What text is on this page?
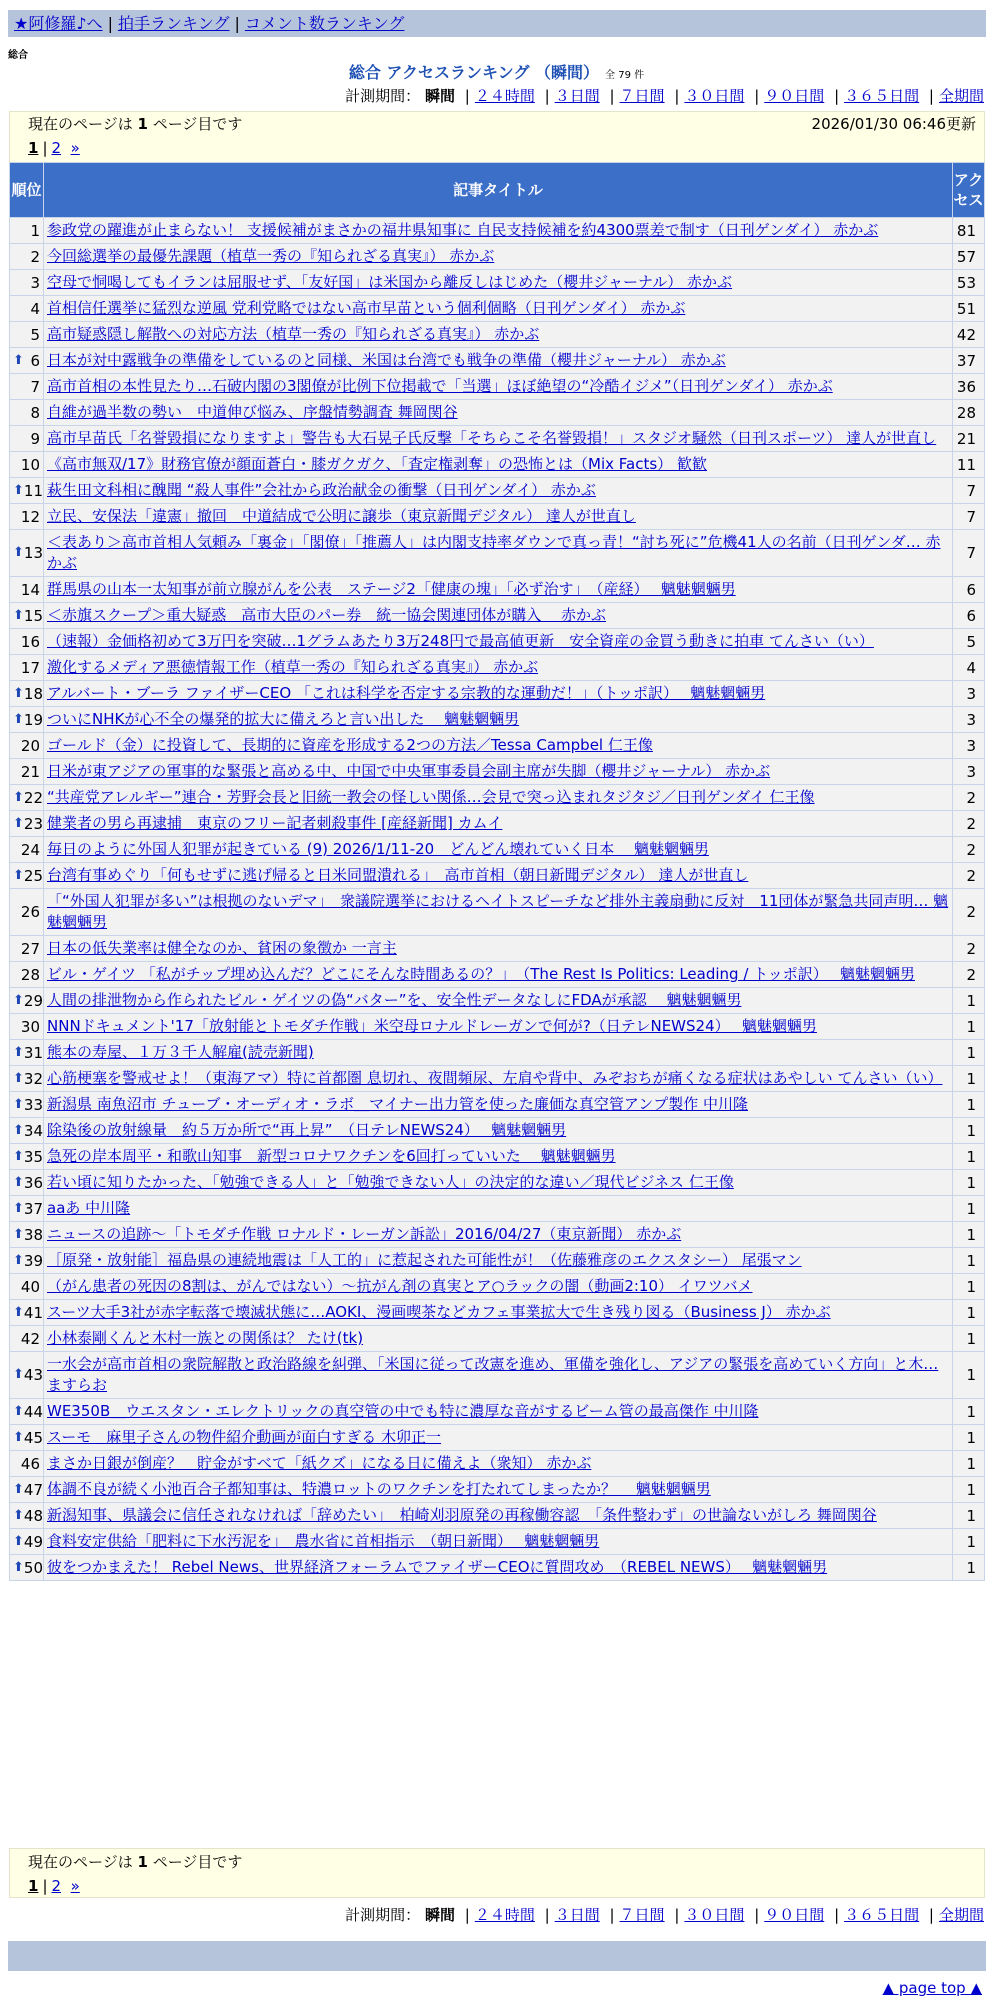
★阿修羅♪へ | 拍手ランキング | コメント数ランキング
総合
総合 アクセスランキング （瞬間） 全 79 件
計測期間： 瞬間 | ２４時間 | ３日間 | ７日間 | ３０日間 | ９０日間 | ３６５日間 | 全期間
現在のページは 1 ページ目です	2026/01/30 06:46更新
1 | 2 »
順位	記事タイトル	アクセス
1	参政党の躍進が止まらない！ 支援候補がまさかの福井県知事に 自民支持候補を約4300票差で制す（日刊ゲンダイ） 赤かぶ	81
2	今回総選挙の最優先課題（植草一秀の『知られざる真実』） 赤かぶ	57
3	空母で恫喝してもイランは屈服せず、「友好国」は米国から離反しはじめた（櫻井ジャーナル） 赤かぶ	53
4	首相信任選挙に猛烈な逆風 党利党略ではない高市早苗という個利個略（日刊ゲンダイ） 赤かぶ	51
5	高市疑惑隠し解散への対応方法（植草一秀の『知られざる真実』） 赤かぶ	42

⬆ 6	日本が対中露戦争の準備をしているのと同様、米国は台湾でも戦争の準備（櫻井ジャーナル） 赤かぶ	37
7	高市首相の本性見たり…石破内閣の3閣僚が比例下位掲載で「当選」ほぼ絶望の“冷酷イジメ”（日刊ゲンダイ） 赤かぶ	36
8	自維が過半数の勢い　中道伸び悩み、序盤情勢調査 舞岡関谷	28
9	高市早苗氏「名誉毀損になりますよ」警告も大石晃子氏反撃「そちらこそ名誉毀損！」スタジオ騒然（日刊スポーツ） 達人が世直し	21
10	《高市無双/17》財務官僚が顔面蒼白・膝ガクガク、「査定権剥奪」の恐怖とは（Mix Facts） 歓歓	11

⬆ 11	萩生田文科相に醜聞 “殺人事件”会社から政治献金の衝撃（日刊ゲンダイ） 赤かぶ	7
12	立民、安保法「違憲」撤回　中道結成で公明に譲歩（東京新聞デジタル） 達人が世直し	7

⬆ 13	＜表あり＞高市首相人気頼み「裏金」「閣僚」「推薦人」は内閣支持率ダウンで真っ青！“討ち死に”危機41人の名前（日刊ゲンダ… 赤かぶ	7
14	群馬県の山本一太知事が前立腺がんを公表　ステージ2「健康の塊」「必ず治す」　（産経）　 魑魅魍魎男	6

⬆ 15	＜赤旗スクープ＞重大疑惑　高市大臣のパー券　統一協会関連団体が購入　 赤かぶ	6
16	（速報）金価格初めて3万円を突破…1グラムあたり3万248円で最高値更新　安全資産の金買う動きに拍車 てんさい（い）	5
17	激化するメディア悪徳情報工作（植草一秀の『知られざる真実』） 赤かぶ	4

⬆ 18	アルバート・ブーラ ファイザーCEO 「これは科学を否定する宗教的な運動だ！」（トッポ訳）　 魑魅魍魎男	3

⬆ 19	ついにNHKが心不全の爆発的拡大に備えろと言い出した　 魑魅魍魎男	3
20	ゴールド（金）に投資して、長期的に資産を形成する2つの方法／Tessa Campbel 仁王像	3
21	日米が東アジアの軍事的な緊張と高める中、中国で中央軍事委員会副主席が失脚（櫻井ジャーナル） 赤かぶ	3

⬆ 22	“共産党アレルギー”連合・芳野会長と旧統一教会の怪しい関係…会見で突っ込まれタジタジ／日刊ゲンダイ 仁王像	2

⬆ 23	健業者の男ら再逮捕　東京のフリー記者刺殺事件 [産経新聞] カムイ	2
24	毎日のように外国人犯罪が起きている (9) 2026/1/11-20　どんどん壊れていく日本　 魑魅魍魎男	2

⬆ 25	台湾有事めぐり「何もせずに逃げ帰ると日米同盟潰れる」　高市首相（朝日新聞デジタル） 達人が世直し	2
26	「“外国人犯罪が多い”は根拠のないデマ」　衆議院選挙におけるヘイトスピーチなど排外主義扇動に反対　11団体が緊急共同声明… 魑魅魍魎男	2
27	日本の低失業率は健全なのか、貧困の象徴か 一言主	2
28	ビル・ゲイツ 「私がチップ埋め込んだ？どこにそんな時間あるの？」　（The Rest Is Politics: Leading / トッポ訳）　 魑魅魍魎男	2

⬆ 29	人間の排泄物から作られたビル・ゲイツの偽“バター”を、安全性データなしにFDAが承認　 魑魅魍魎男	1
30	NNNドキュメント'17「放射能とトモダチ作戦」米空母ロナルドレーガンで何が?（日テレNEWS24）　 魑魅魍魎男	1

⬆ 31	熊本の寿屋、１万３千人解雇(読売新聞)	1

⬆ 32	心筋梗塞を警戒せよ！（東海アマ）特に首都圏 息切れ、夜間頻尿、左肩や背中、みぞおちが痛くなる症状はあやしい てんさい（い）	1

⬆ 33	新潟県 南魚沼市 チューブ・オーディオ・ラボ＿マイナー出力管を使った廉価な真空管アンプ製作 中川隆	1

⬆ 34	除染後の放射線量　約５万か所で“再上昇”　（日テレNEWS24）　 魑魅魍魎男	1

⬆ 35	急死の岸本周平・和歌山知事　新型コロナワクチンを6回打っていいた　 魑魅魍魎男	1

⬆ 36	若い頃に知りたかった、「勉強できる人」と「勉強できない人」の決定的な違い／現代ビジネス 仁王像	1

⬆ 37	aaあ 中川隆	1

⬆ 38	ニュースの追跡～「トモダチ作戦 ロナルド・レーガン訴訟」2016/04/27（東京新聞） 赤かぶ	1

⬆ 39	［原発・放射能］福島県の連続地震は「人工的」に惹起された可能性が！（佐藤雅彦のエクスタシー） 尾張マン	1
40	（がん患者の死因の8割は、がんではない）～抗がん剤の真実とア○ラックの闇（動画2:10） イワツバメ	1

⬆ 41	スーツ大手3社が赤字転落で壊滅状態に…AOKI、漫画喫茶などカフェ事業拡大で生き残り図る（Business J） 赤かぶ	1
42	小林泰剛くんと木村一族との関係は？ たけ(tk)	1

⬆ 43	一水会が高市首相の衆院解散と政治路線を糾弾、「米国に従って改憲を進め、軍備を強化し、アジアの緊張を高めていく方向」と木… ますらお	1

⬆ 44	WE350B＿ウエスタン・エレクトリックの真空管の中でも特に濃厚な音がするビーム管の最高傑作 中川隆	1

⬆ 45	スーモ　麻里子さんの物件紹介動画が面白すぎる 木卯正一	1
46	まさか日銀が倒産？　貯金がすべて「紙クズ」になる日に備えよ（衆知） 赤かぶ	1

⬆ 47	体調不良が続く小池百合子都知事は、特濃ロットのワクチンを打たれてしまったか？　 魑魅魍魎男	1

⬆ 48	新潟知事、県議会に信任されなければ「辞めたい」　柏崎刈羽原発の再稼働容認　「条件整わず」の世論ないがしろ 舞岡関谷	1

⬆ 49	食料安定供給「肥料に下水汚泥を」　農水省に首相指示　（朝日新聞）　 魑魅魍魎男	1

⬆ 50	彼をつかまえた！ Rebel News、世界経済フォーラムでファイザーCEOに質問攻め　（REBEL NEWS）　 魑魅魍魎男	1
現在のページは 1 ページ目です
1 | 2 »
計測期間： 瞬間 | ２４時間 | ３日間 | ７日間 | ３０日間 | ９０日間 | ３６５日間 | 全期間
▲ page top ▲
